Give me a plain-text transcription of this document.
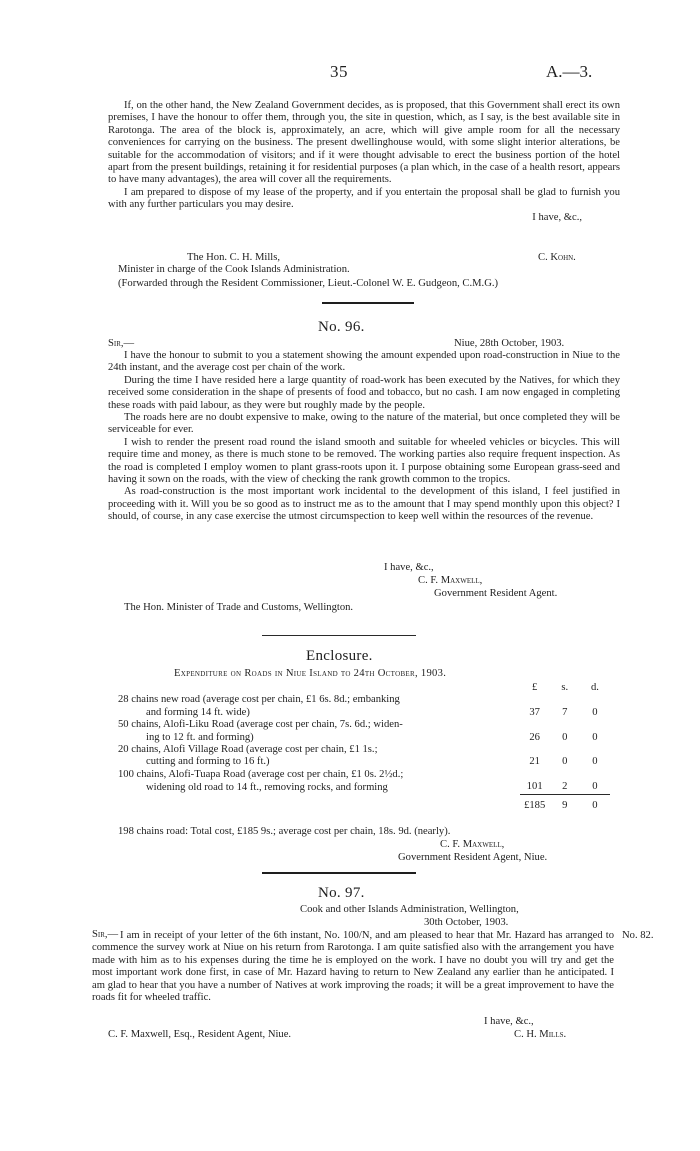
35	A.—3.

If, on the other hand, the New Zealand Government decides, as is proposed, that this Government shall erect its own premises, I have the honour to offer them, through you, the site in question, which, as I say, is the best available site in Rarotonga. The area of the block is, approximately, an acre, which will give ample room for all the necessary conveniences for carrying on the business. The present dwellinghouse would, with some slight interior alterations, be suitable for the accommodation of visitors; and if it were thought advisable to erect the business portion of the hotel apart from the present buildings, retaining it for residential purposes (a plan which, in the case of a health resort, appears to have many advantages), the area will cover all the requirements.

I am prepared to dispose of my lease of the property, and if you entertain the proposal shall be glad to furnish you with any further particulars you may desire.

I have, &c.,

C. Kohn.
The Hon. C. H. Mills,
Minister in charge of the Cook Islands Administration.
(Forwarded through the Resident Commissioner, Lieut.-Colonel W. E. Gudgeon, C.M.G.)
No. 96.
Sir,—	Niue, 28th October, 1903.

I have the honour to submit to you a statement showing the amount expended upon road-construction in Niue to the 24th instant, and the average cost per chain of the work.

During the time I have resided here a large quantity of road-work has been executed by the Natives, for which they received some consideration in the shape of presents of food and tobacco, but no cash. I am now engaged in completing these roads with paid labour, as they were but roughly made by the people.

The roads here are no doubt expensive to make, owing to the nature of the material, but once completed they will be serviceable for ever.

I wish to render the present road round the island smooth and suitable for wheeled vehicles or bicycles. This will require time and money, as there is much stone to be removed. The working parties also require frequent inspection. As the road is completed I employ women to plant grass-roots upon it. I purpose obtaining some European grass-seed and having it sown on the roads, with the view of checking the rank growth common to the tropics.

As road-construction is the most important work incidental to the development of this island, I feel justified in proceeding with it. Will you be so good as to instruct me as to the amount that I may spend monthly upon this object? I should, of course, in any case exercise the utmost circumspection to keep well within the resources of the revenue.

I have, &c.,
C. F. Maxwell,
Government Resident Agent.
The Hon. Minister of Trade and Customs, Wellington.
Enclosure.
Expenditure on Roads in Niue Island to 24th October, 1903.
	£	s.	d.
28 chains new road (average cost per chain, £1 6s. 8d.; embanking			

and forming 14 ft. wide)	37	7	0
50 chains, Alofi-Liku Road (average cost per chain, 7s. 6d.; widen-			

ing to 12 ft. and forming)	26	0	0
20 chains, Alofi Village Road (average cost per chain, £1 1s.;			

cutting and forming to 16 ft.)	21	0	0
100 chains, Alofi-Tuapa Road (average cost per chain, £1 0s. 2½d.;			

widening old road to 14 ft., removing rocks, and forming	101	2	0
	£185	9	0
198 chains road: Total cost, £185 9s.; average cost per chain, 18s. 9d. (nearly).
C. F. Maxwell,
Government Resident Agent, Niue.
No. 97.
Cook and other Islands Administration, Wellington,
30th October, 1903.
Sir,—	No. 82.

I am in receipt of your letter of the 6th instant, No. 100/N, and am pleased to hear that Mr. Hazard has arranged to commence the survey work at Niue on his return from Rarotonga. I am quite satisfied also with the arrangement you have made with him as to his expenses during the time he is employed on the work. I have no doubt you will try and get the most important work done first, in case of Mr. Hazard having to return to New Zealand any earlier than he anticipated. I am glad to hear that you have a number of Natives at work improving the roads; it will be a great improvement to have the roads fit for wheeled traffic.

I have, &c.,
C. H. Mills.
C. F. Maxwell, Esq., Resident Agent, Niue.
